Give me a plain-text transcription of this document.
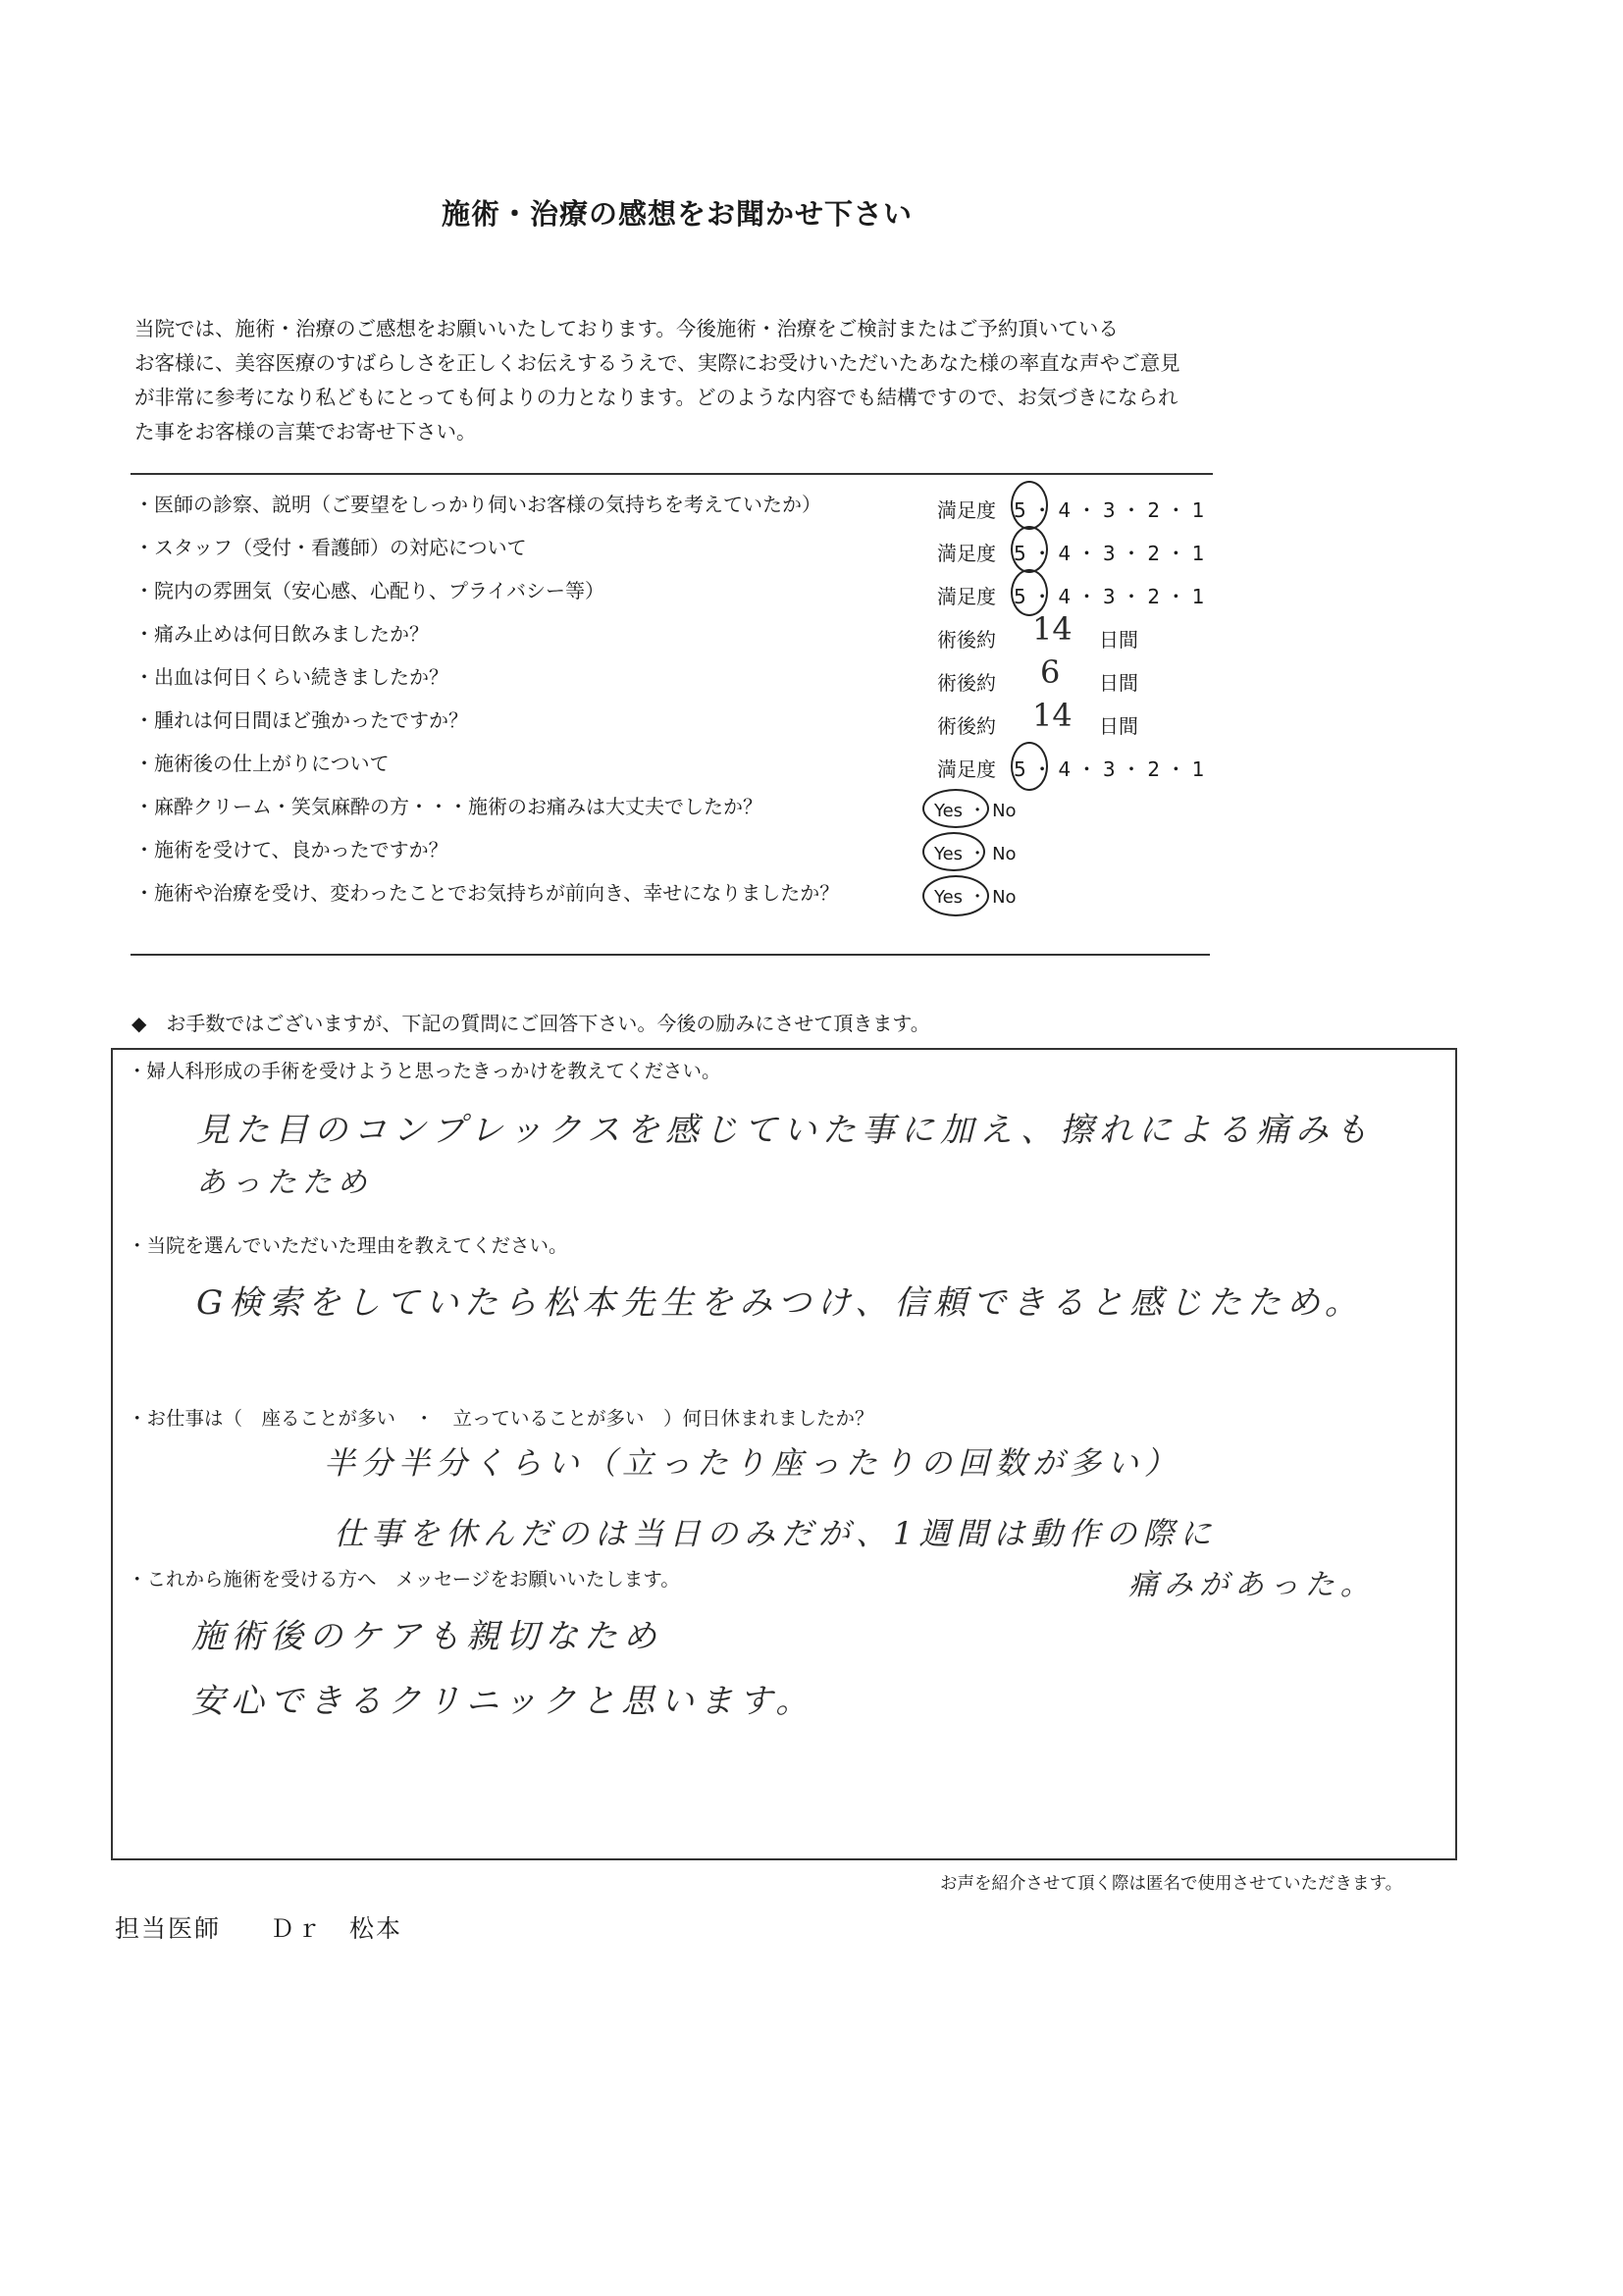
施術・治療の感想をお聞かせ下さい
当院では、施術・治療のご感想をお願いいたしております。今後施術・治療をご検討またはご予約頂いている
お客様に、美容医療のすばらしさを正しくお伝えするうえで、実際にお受けいただいたあなた様の率直な声やご意見
が非常に参考になり私どもにとっても何よりの力となります。どのような内容でも結構ですので、お気づきになられ
た事をお客様の言葉でお寄せ下さい。
・医師の診察、説明（ご要望をしっかり伺いお客様の気持ちを考えていたか）	満足度 5 ・ 4 ・ 3 ・ 2 ・ 1
・スタッフ（受付・看護師）の対応について	満足度 5 ・ 4 ・ 3 ・ 2 ・ 1
・院内の雰囲気（安心感、心配り、プライバシー等）	満足度 5 ・ 4 ・ 3 ・ 2 ・ 1
・痛み止めは何日飲みましたか？	術後約 14 日間
・出血は何日くらい続きましたか？	術後約 6 日間
・腫れは何日間ほど強かったですか？	術後約 14 日間
・施術後の仕上がりについて	満足度 5 ・ 4 ・ 3 ・ 2 ・ 1
・麻酔クリーム・笑気麻酔の方・・・施術のお痛みは大丈夫でしたか？	Yes ・ No
・施術を受けて、良かったですか？	Yes ・ No
・施術や治療を受け、変わったことでお気持ちが前向き、幸せになりましたか？	Yes ・ No
◆　お手数ではございますが、下記の質問にご回答下さい。今後の励みにさせて頂きます。
・婦人科形成の手術を受けようと思ったきっかけを教えてください。
見た目のコンプレックスを感じていた事に加え、擦れによる痛みも
あったため
・当院を選んでいただいた理由を教えてください。
G検索をしていたら松本先生をみつけ、信頼できると感じたため。
・お仕事は（　座ることが多い　・　立っていることが多い　）何日休まれましたか？
半分半分くらい（立ったり座ったりの回数が多い）
仕事を休んだのは当日のみだが、1週間は動作の際に
痛みがあった。
・これから施術を受ける方へ　メッセージをお願いいたします。
施術後のケアも親切なため
安心できるクリニックと思います。
お声を紹介させて頂く際は匿名で使用させていただきます。
担当医師 Ｄｒ　松本
